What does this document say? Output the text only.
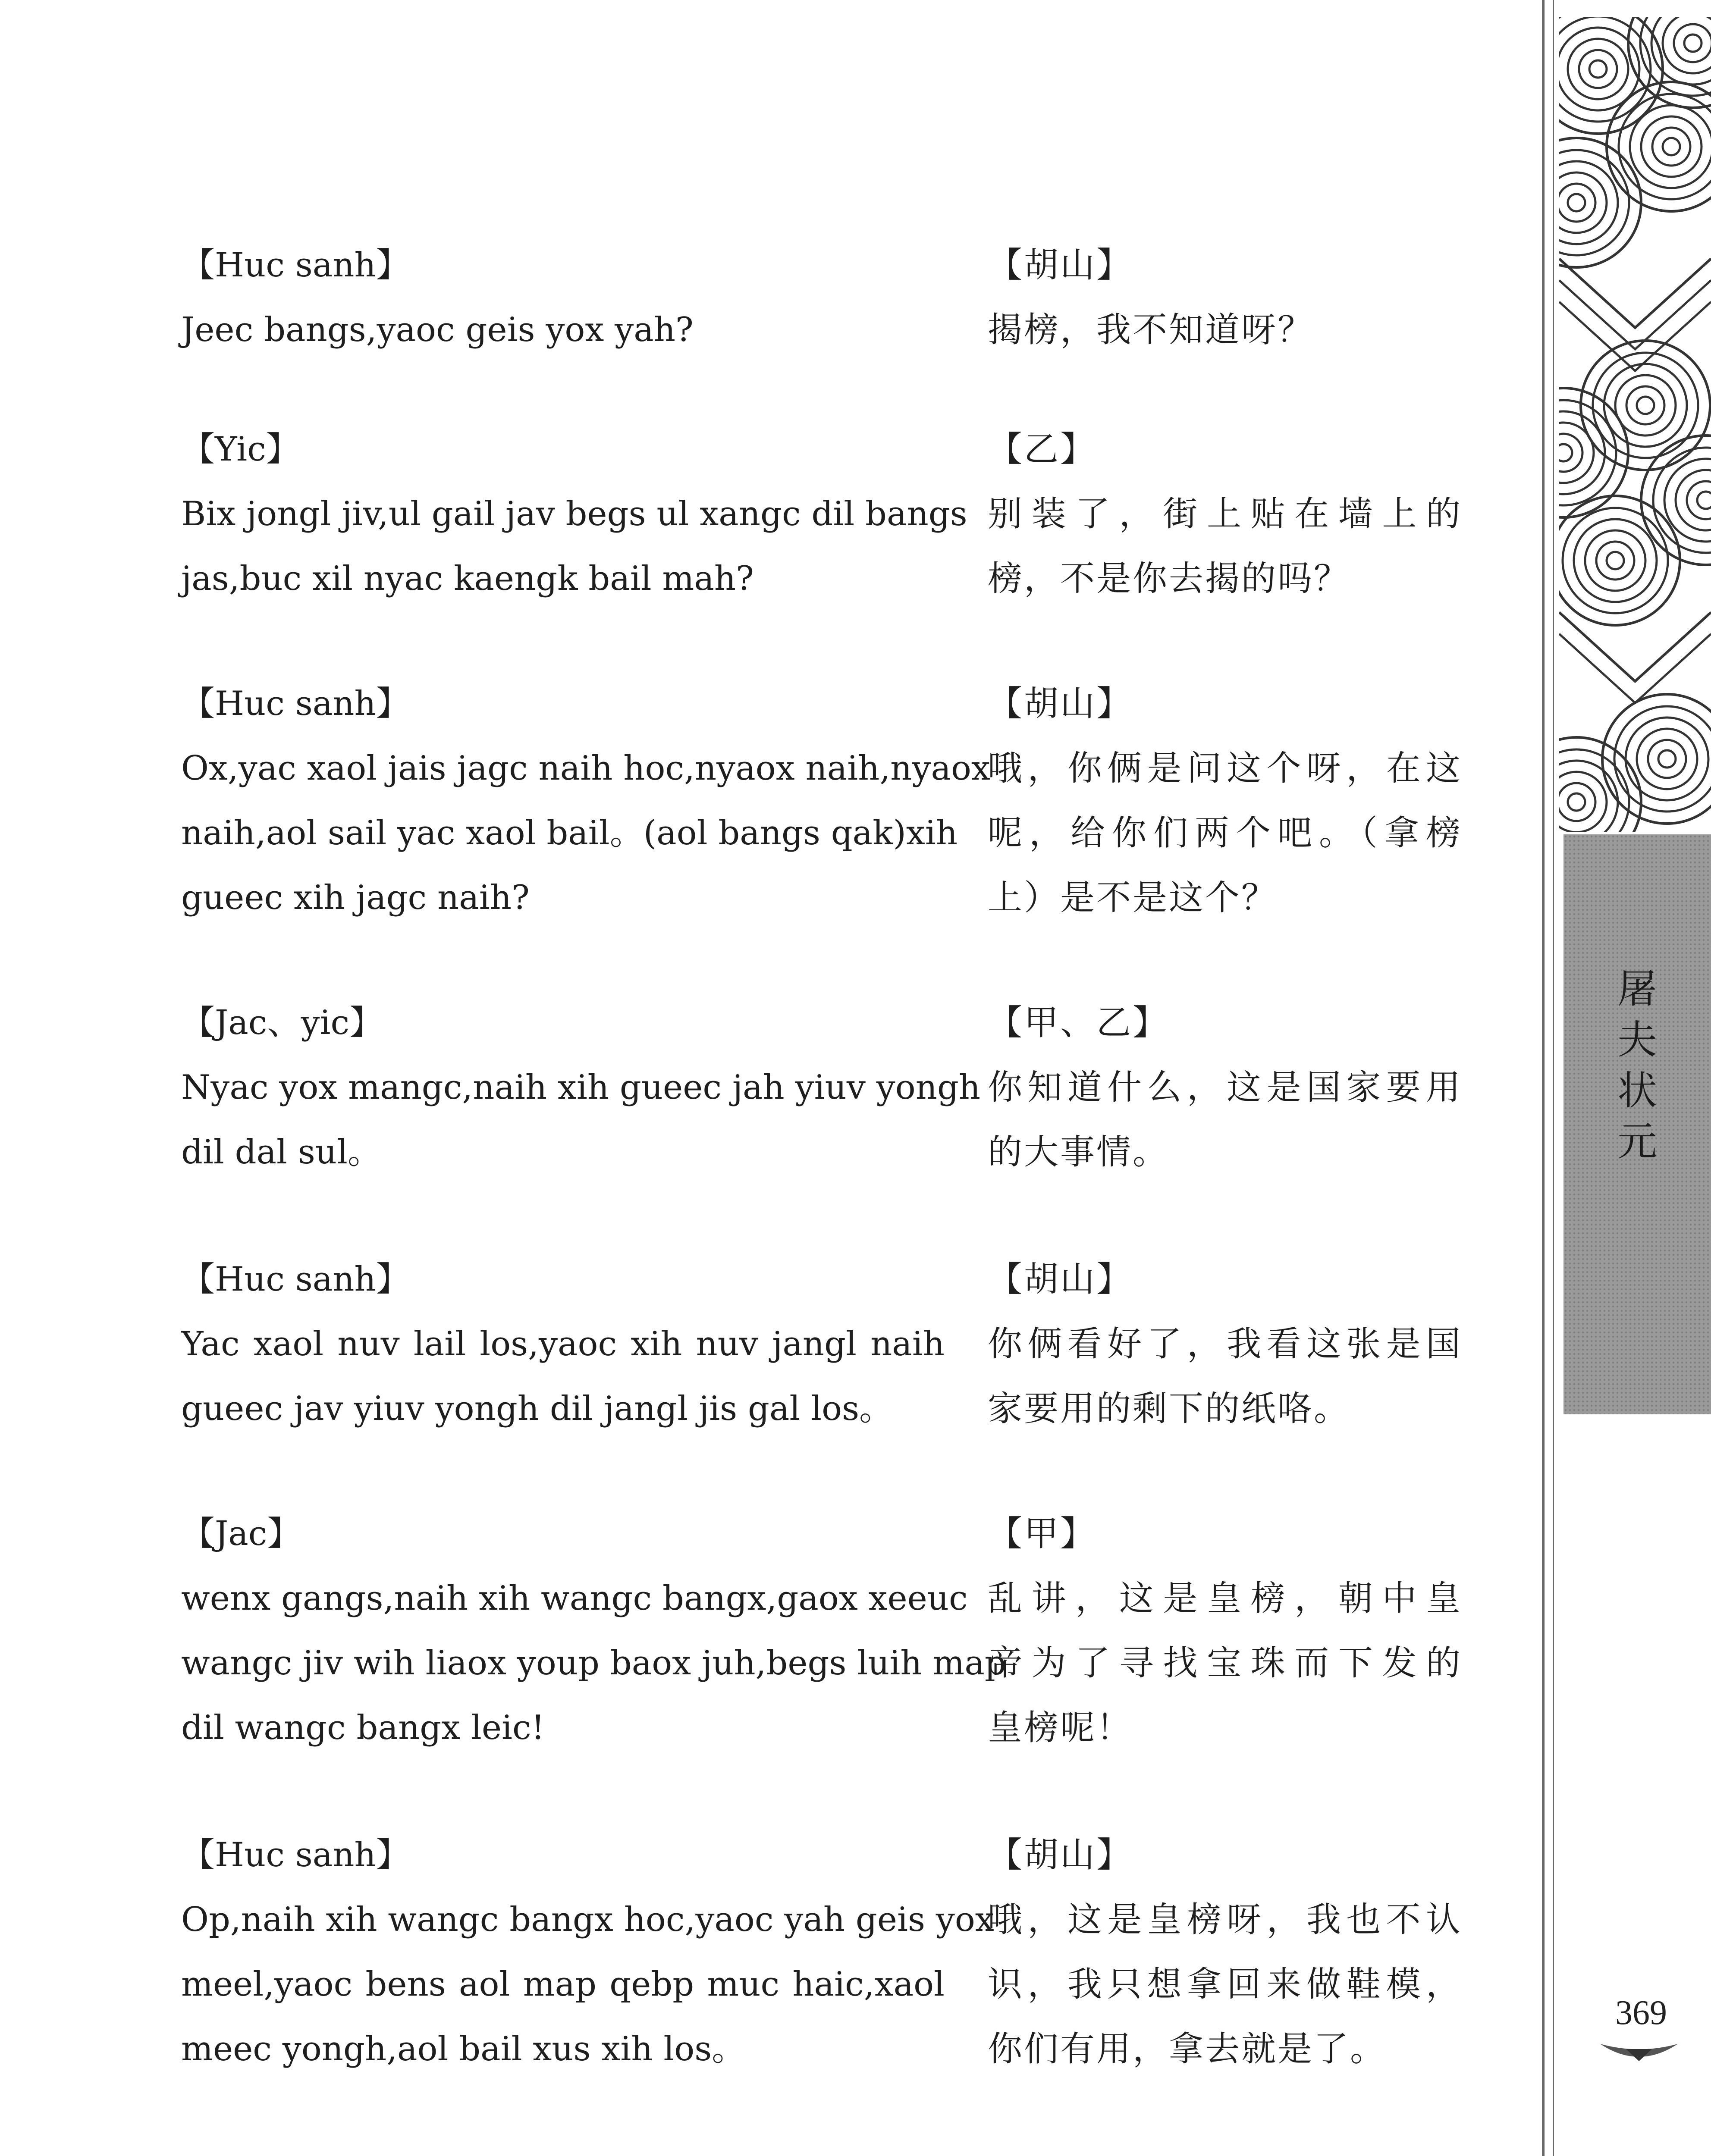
【Huc sanh】
Jeec bangs,yaoc geis yox yah?
【Yic】
Bix jongl jiv,ul gail jav begs ul xangc dil bangs
jas,buc xil nyac kaengk bail mah?
【Huc sanh】
Ox,yac xaol jais jagc naih hoc,nyaox naih,nyaox
naih,aol sail yac xaol bail。(aol bangs qak)xih
gueec xih jagc naih?
【Jac、yic】
Nyac yox mangc,naih xih gueec jah yiuv yongh
dil dal sul。
【Huc sanh】
Yac xaol nuv lail los,yaoc xih nuv jangl naih
gueec jav yiuv yongh dil jangl jis gal los。
【Jac】
wenx gangs,naih xih wangc bangx,gaox xeeuc
wangc jiv wih liaox youp baox juh,begs luih map
dil wangc bangx leic!
【Huc sanh】
Op,naih xih wangc bangx hoc,yaoc yah geis yox
meel,yaoc bens aol map qebp muc haic,xaol
meec yongh,aol bail xus xih los。
【胡山】
揭榜，我不知道呀？
【乙】
别装了，街上贴在墙上的
榜，不是你去揭的吗？
【胡山】
哦，你俩是问这个呀，在这
呢，给你们两个吧。（拿榜
上）是不是这个？
【甲、乙】
你知道什么，这是国家要用
的大事情。
【胡山】
你俩看好了，我看这张是国
家要用的剩下的纸咯。
【甲】
乱讲，这是皇榜，朝中皇
帝为了寻找宝珠而下发的
皇榜呢！
【胡山】
哦，这是皇榜呀，我也不认
识，我只想拿回来做鞋模，
你们有用，拿去就是了。
屠
夫
状
元
369
